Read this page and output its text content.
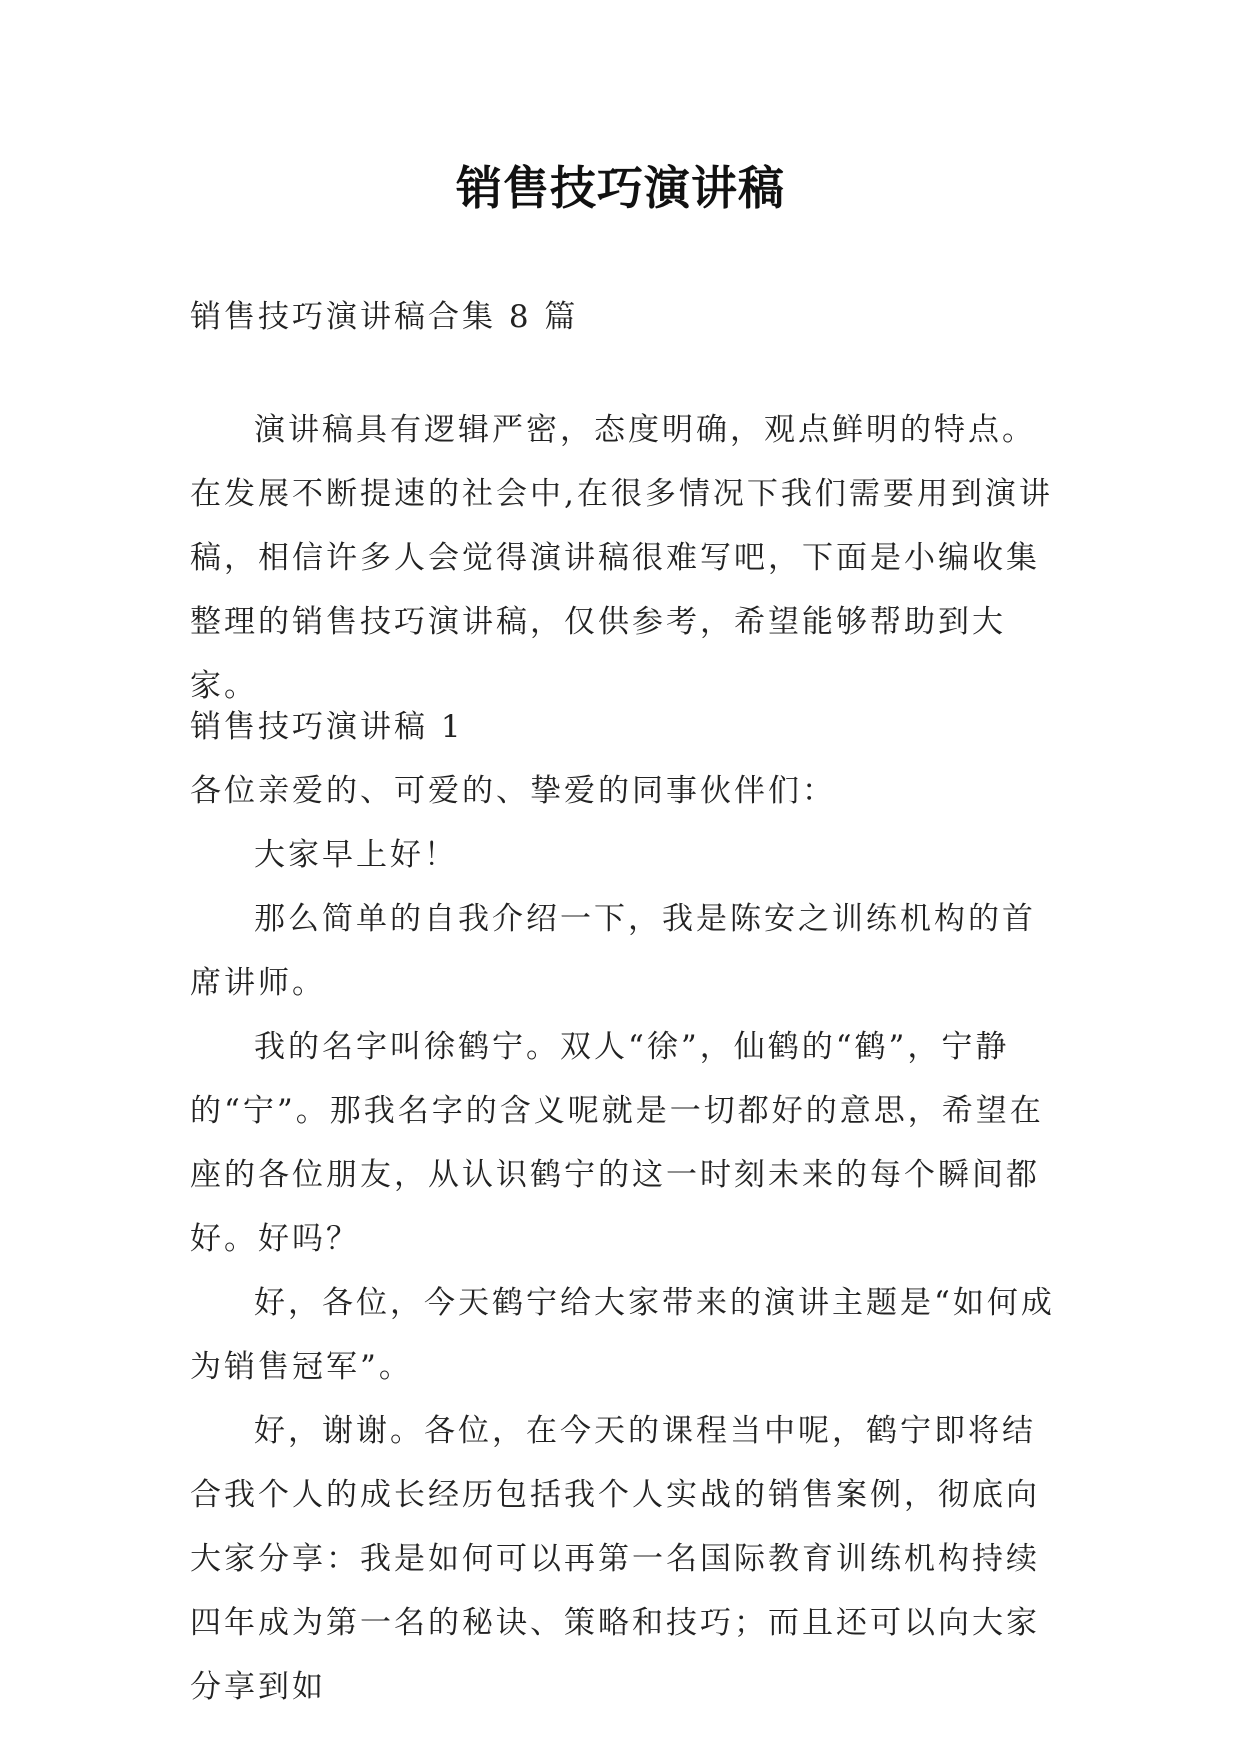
销售技巧演讲稿

销售技巧演讲稿合集 8 篇

演讲稿具有逻辑严密，态度明确，观点鲜明的特点。在发展不断提速的社会中,在很多情况下我们需要用到演讲稿，相信许多人会觉得演讲稿很难写吧，下面是小编收集整理的销售技巧演讲稿，仅供参考，希望能够帮助到大家。

销售技巧演讲稿 1

各位亲爱的、可爱的、挚爱的同事伙伴们：

大家早上好！

那么简单的自我介绍一下，我是陈安之训练机构的首席讲师。

我的名字叫徐鹤宁。双人“徐”，仙鹤的“鹤”，宁静的“宁”。那我名字的含义呢就是一切都好的意思，希望在座的各位朋友，从认识鹤宁的这一时刻未来的每个瞬间都好。好吗？

好，各位，今天鹤宁给大家带来的演讲主题是“如何成为销售冠军”。

好，谢谢。各位，在今天的课程当中呢，鹤宁即将结合我个人的成长经历包括我个人实战的销售案例，彻底向大家分享：我是如何可以再第一名国际教育训练机构持续四年成为第一名的秘诀、策略和技巧；而且还可以向大家分享到如
